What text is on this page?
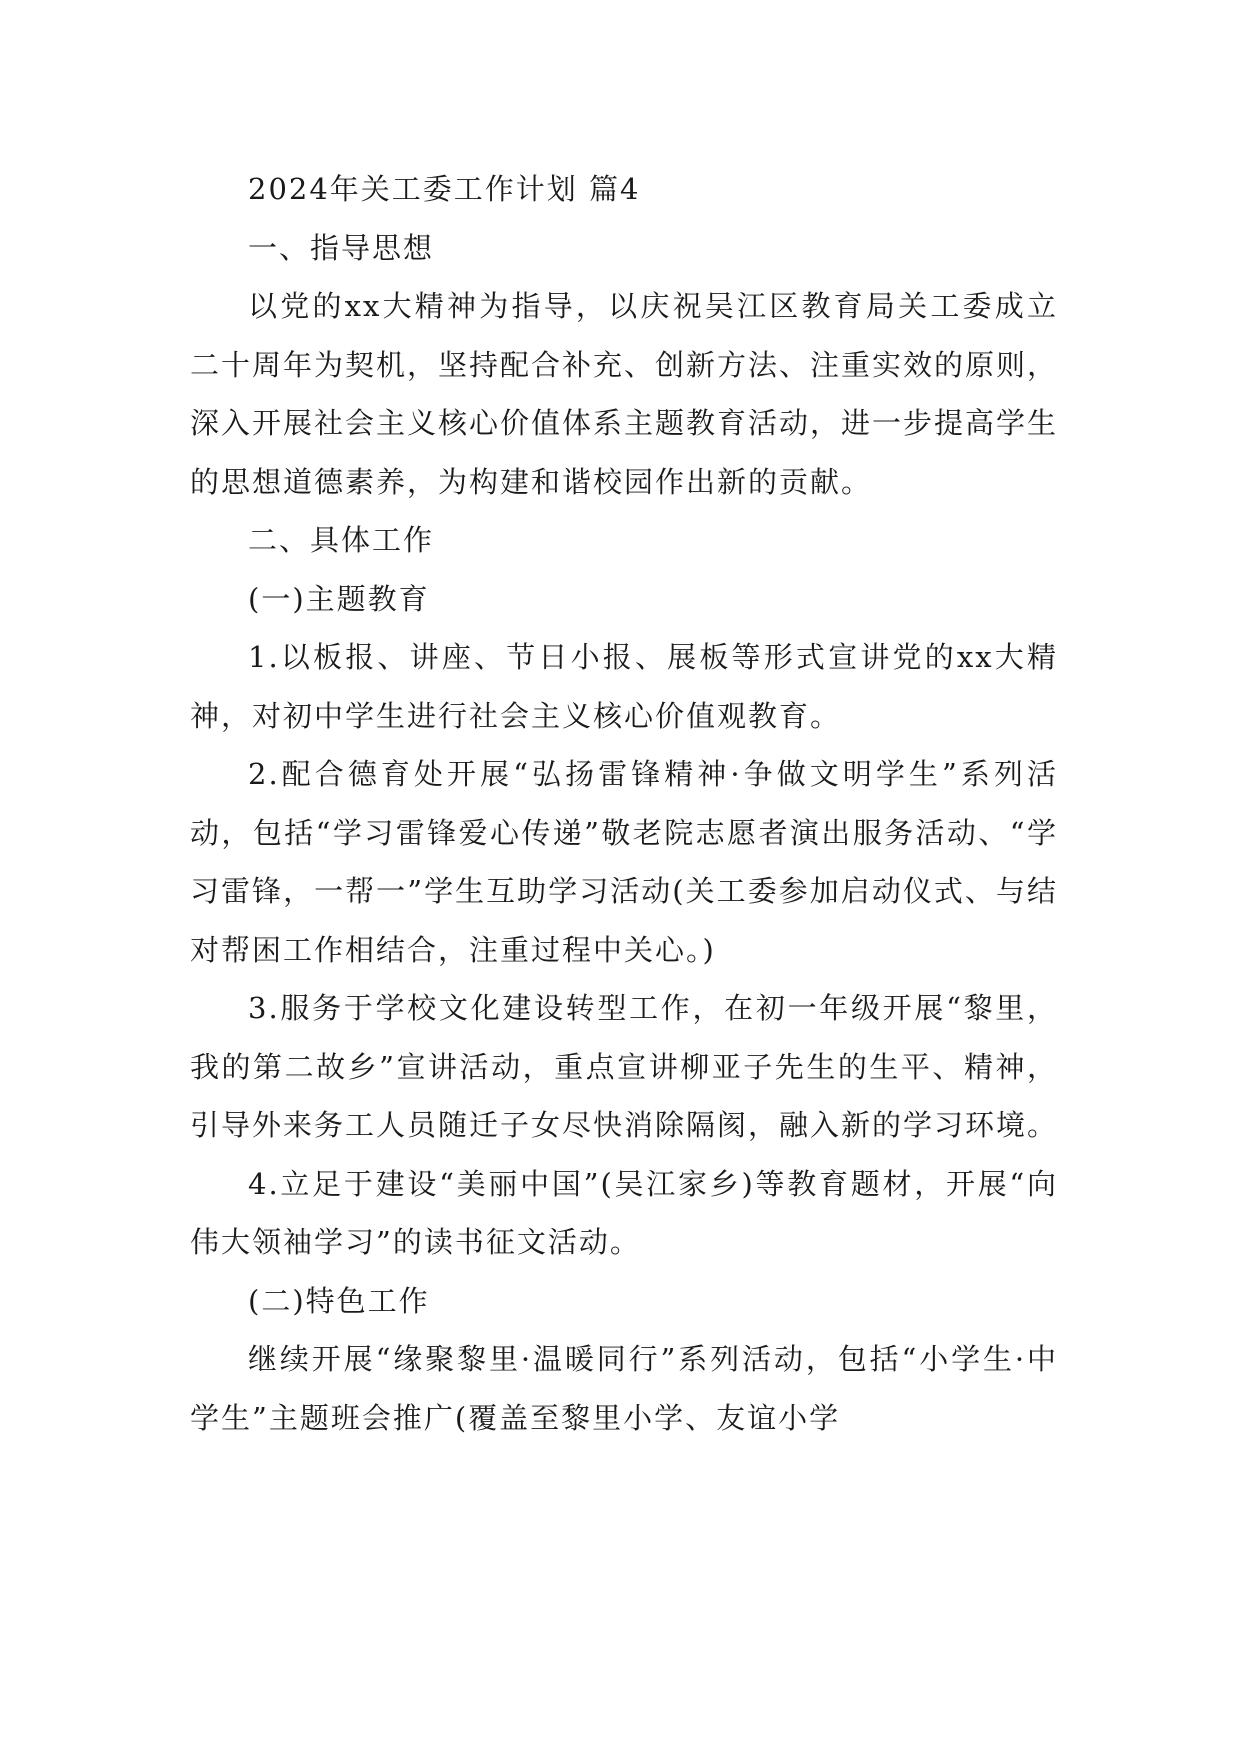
2024年关工委工作计划 篇4

一、指导思想

以党的xx大精神为指导，以庆祝吴江区教育局关工委成立二十周年为契机，坚持配合补充、创新方法、注重实效的原则，深入开展社会主义核心价值体系主题教育活动，进一步提高学生的思想道德素养，为构建和谐校园作出新的贡献。

二、具体工作

(一)主题教育

1.以板报、讲座、节日小报、展板等形式宣讲党的xx大精神，对初中学生进行社会主义核心价值观教育。

2.配合德育处开展“弘扬雷锋精神·争做文明学生”系列活动，包括“学习雷锋爱心传递”敬老院志愿者演出服务活动、“学习雷锋，一帮一”学生互助学习活动(关工委参加启动仪式、与结对帮困工作相结合，注重过程中关心。)

3.服务于学校文化建设转型工作，在初一年级开展“黎里，我的第二故乡”宣讲活动，重点宣讲柳亚子先生的生平、精神，引导外来务工人员随迁子女尽快消除隔阂，融入新的学习环境。

4.立足于建设“美丽中国”(吴江家乡)等教育题材，开展“向伟大领袖学习”的读书征文活动。

(二)特色工作

继续开展“缘聚黎里·温暖同行”系列活动，包括“小学生·中学生”主题班会推广(覆盖至黎里小学、友谊小学
